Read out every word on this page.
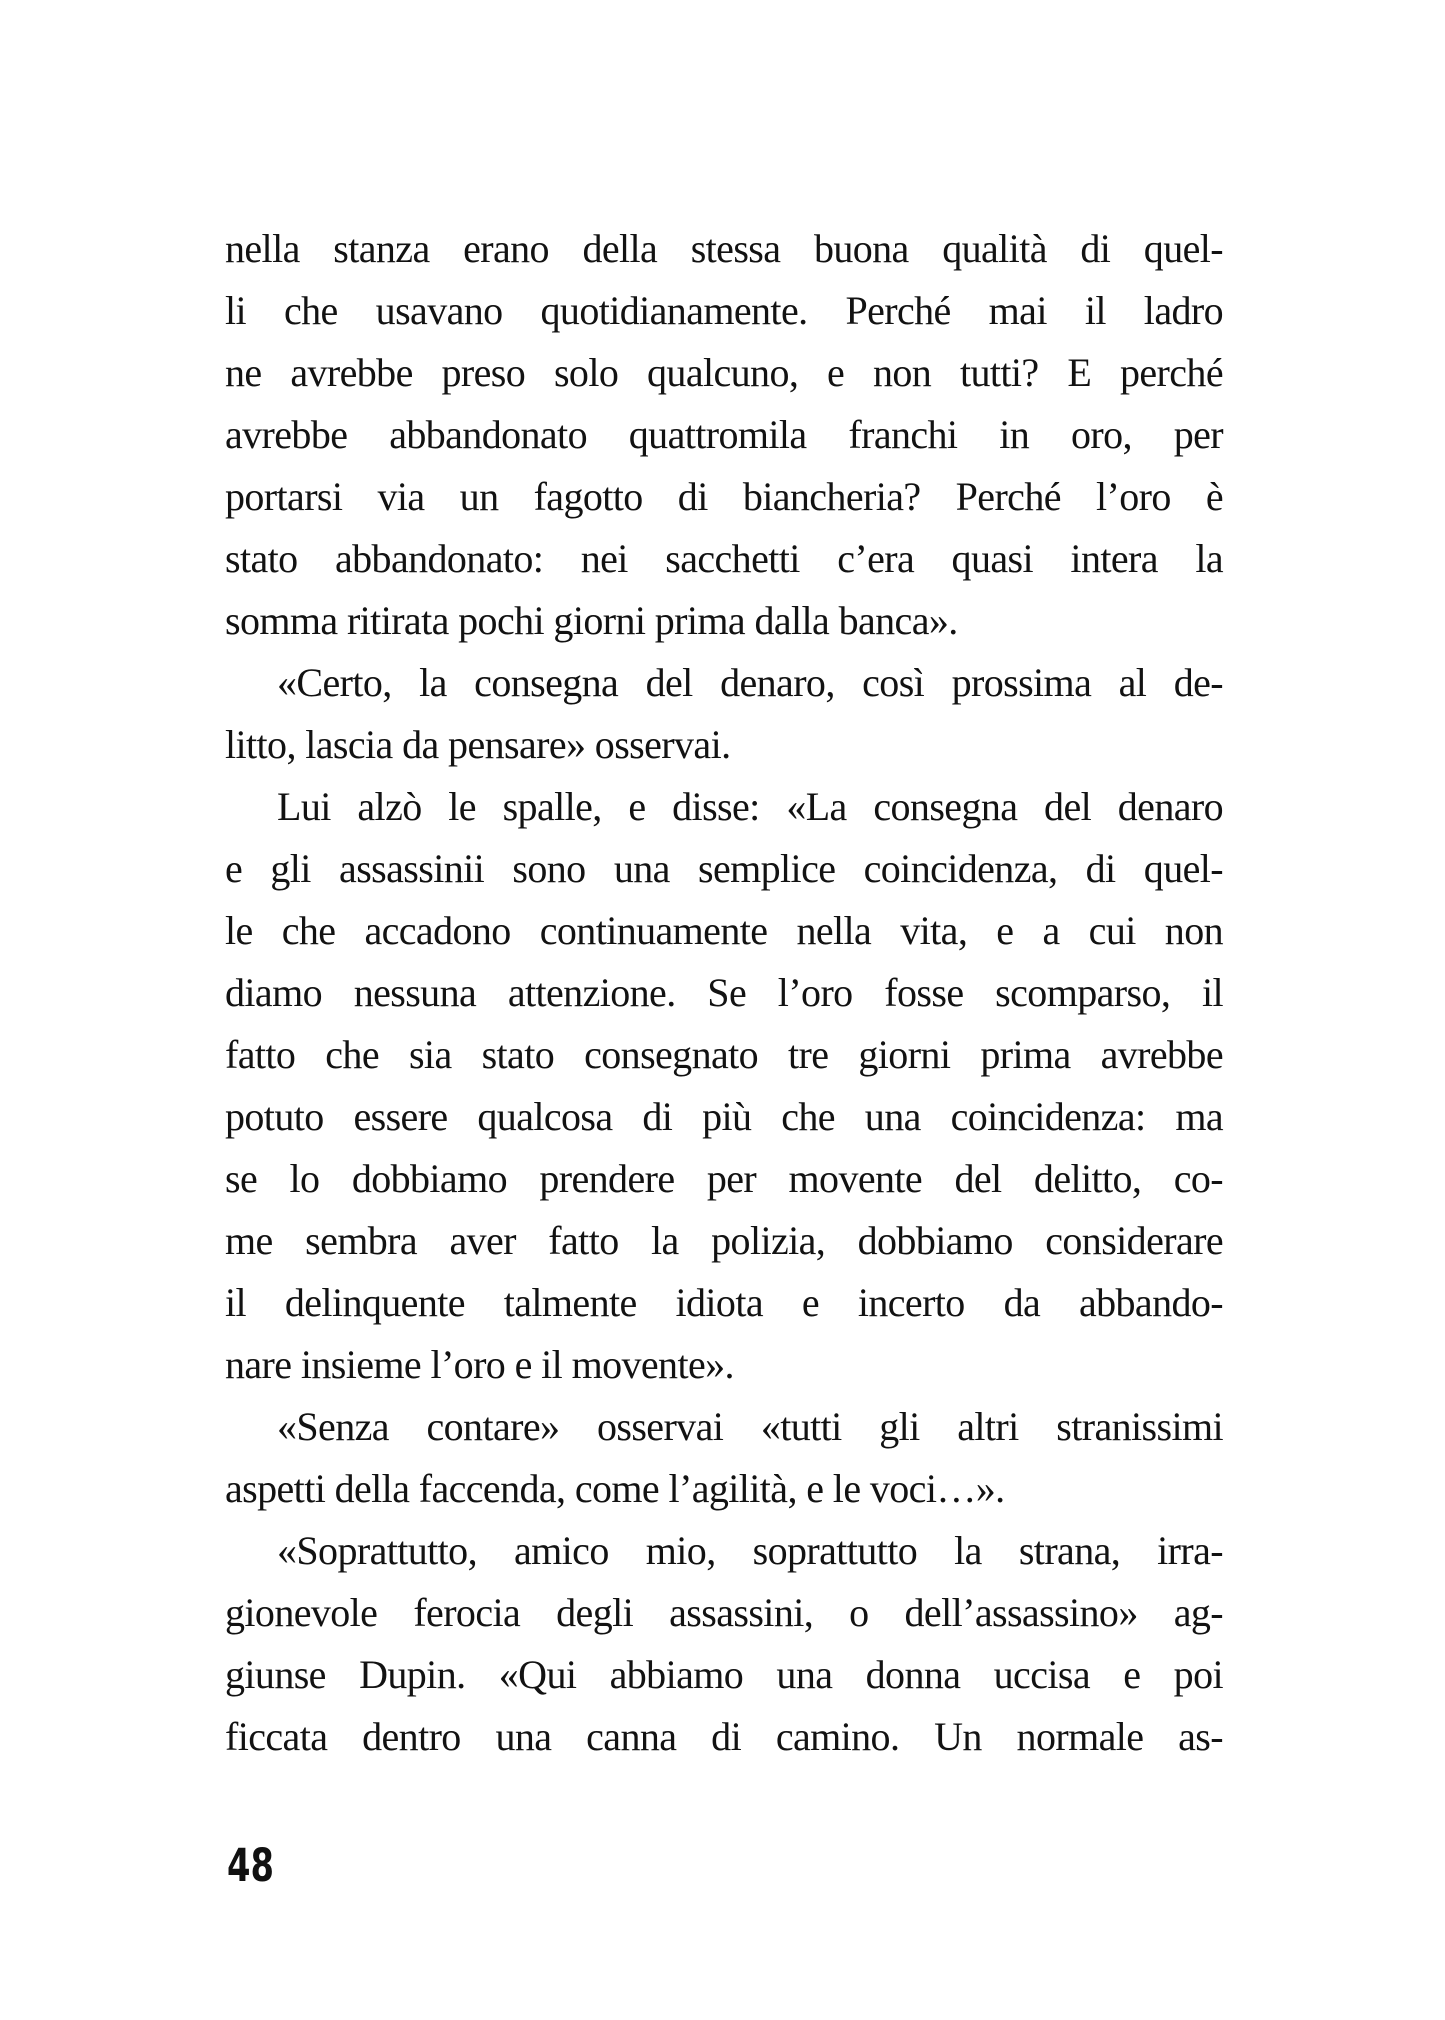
nella stanza erano della stessa buona qualità di quel-
li che usavano quotidianamente. Perché mai il ladro
ne avrebbe preso solo qualcuno, e non tutti? E perché
avrebbe abbandonato quattromila franchi in oro, per
portarsi via un fagotto di biancheria? Perché l’oro è
stato abbandonato: nei sacchetti c’era quasi intera la
somma ritirata pochi giorni prima dalla banca».
«Certo, la consegna del denaro, così prossima al de-
litto, lascia da pensare» osservai.
Lui alzò le spalle, e disse: «La consegna del denaro
e gli assassinii sono una semplice coincidenza, di quel-
le che accadono continuamente nella vita, e a cui non
diamo nessuna attenzione. Se l’oro fosse scomparso, il
fatto che sia stato consegnato tre giorni prima avrebbe
potuto essere qualcosa di più che una coincidenza: ma
se lo dobbiamo prendere per movente del delitto, co-
me sembra aver fatto la polizia, dobbiamo considerare
il delinquente talmente idiota e incerto da abbando-
nare insieme l’oro e il movente».
«Senza contare» osservai «tutti gli altri stranissimi
aspetti della faccenda, come l’agilità, e le voci…».
«Soprattutto, amico mio, soprattutto la strana, irra-
gionevole ferocia degli assassini, o dell’assassino» ag-
giunse Dupin. «Qui abbiamo una donna uccisa e poi
ficcata dentro una canna di camino. Un normale as-
48
